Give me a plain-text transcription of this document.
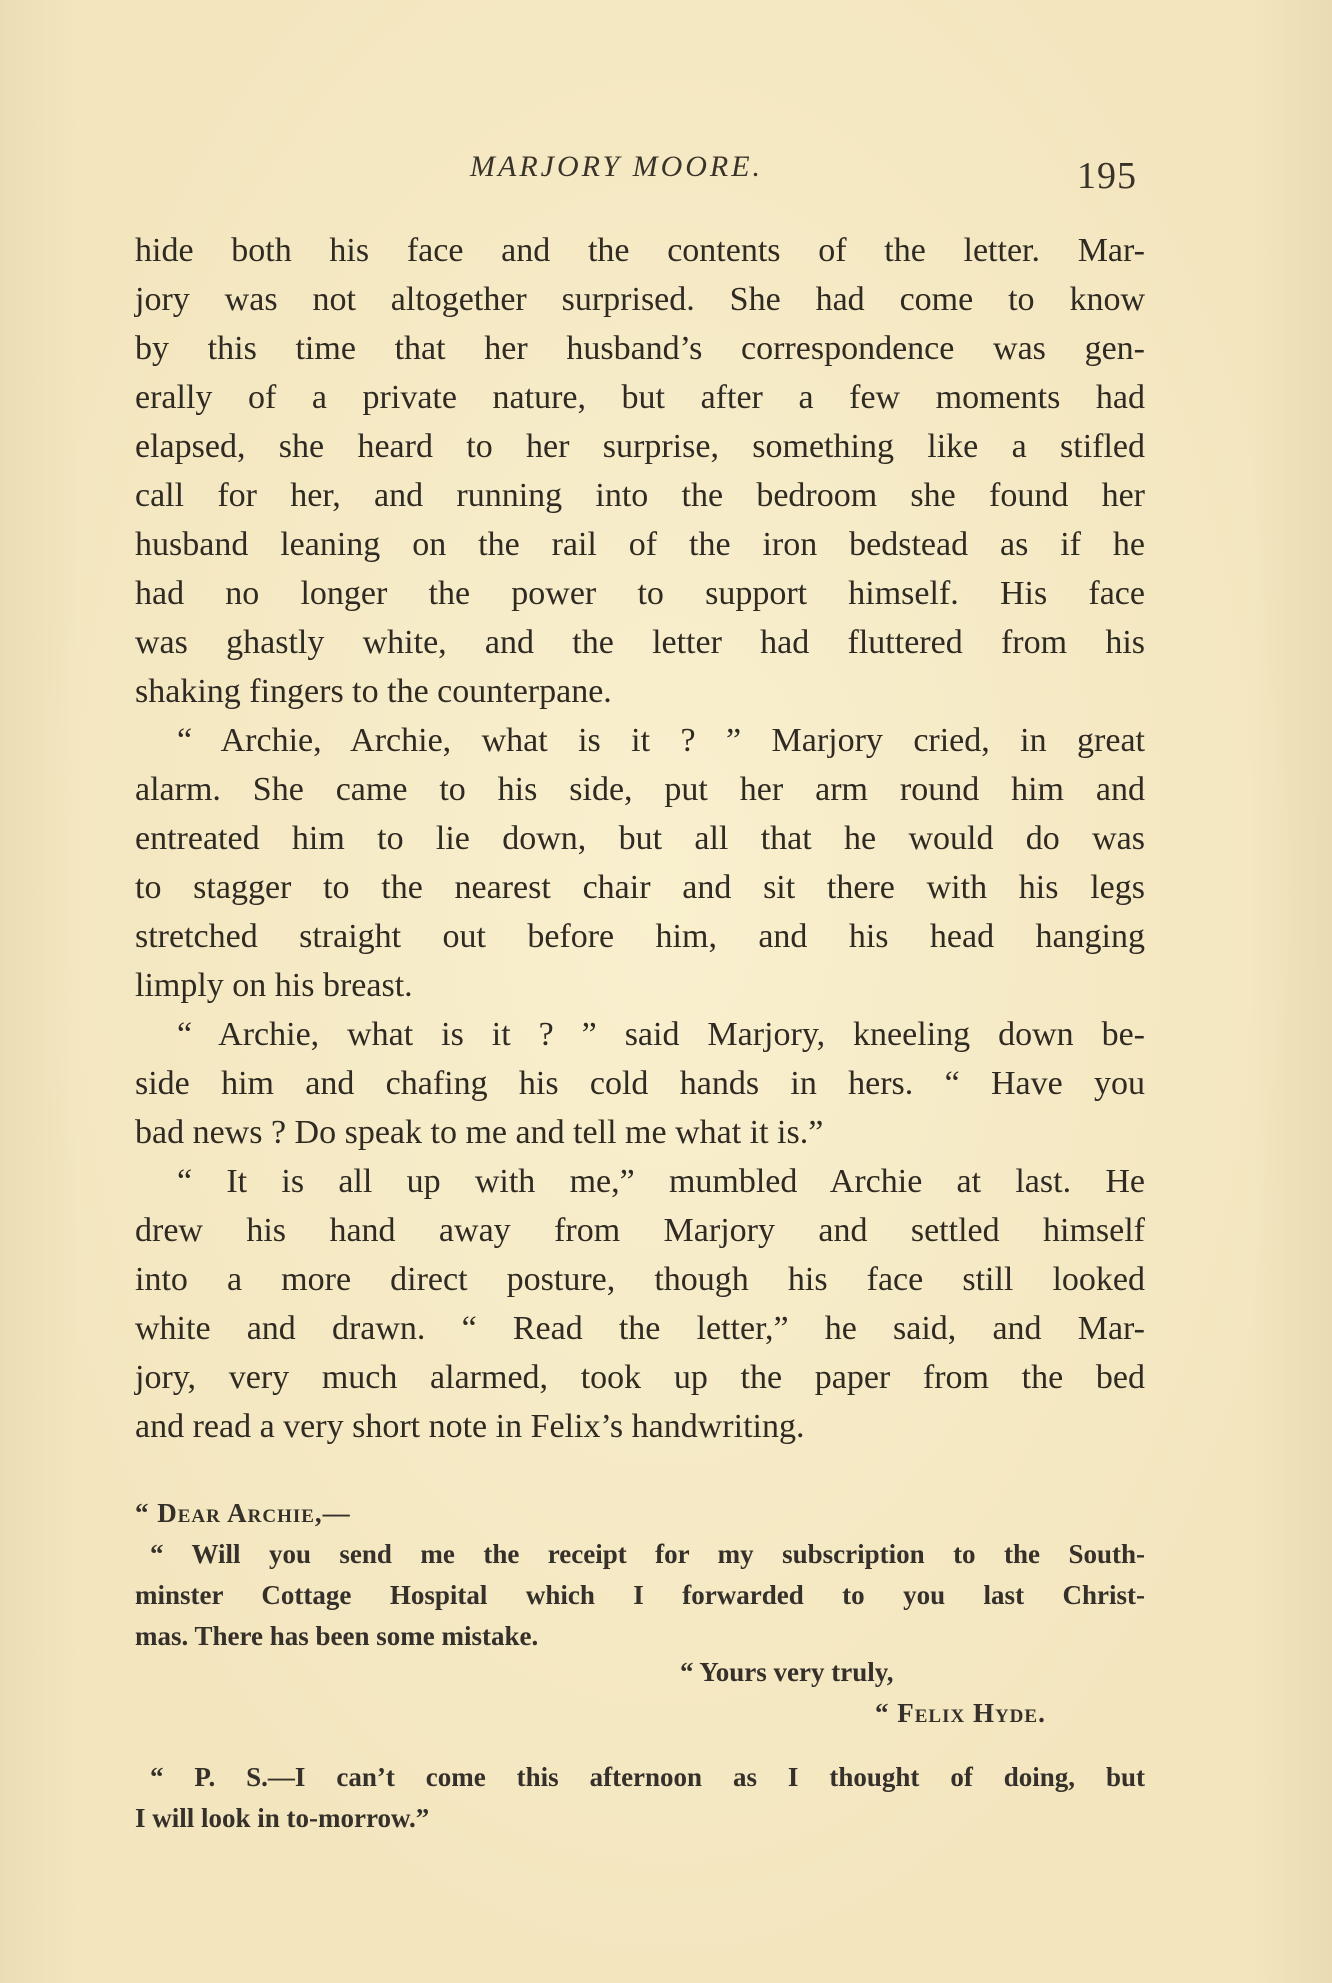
MARJORY MOORE.	195
hide both his face and the contents of the letter. Mar-
jory was not altogether surprised. She had come to know
by this time that her husband’s correspondence was gen-
erally of a private nature, but after a few moments had
elapsed, she heard to her surprise, something like a stifled
call for her, and running into the bedroom she found her
husband leaning on the rail of the iron bedstead as if he
had no longer the power to support himself. His face
was ghastly white, and the letter had fluttered from his
shaking fingers to the counterpane.
“ Archie, Archie, what is it ? ” Marjory cried, in great
alarm. She came to his side, put her arm round him and
entreated him to lie down, but all that he would do was
to stagger to the nearest chair and sit there with his legs
stretched straight out before him, and his head hanging
limply on his breast.
“ Archie, what is it ? ” said Marjory, kneeling down be-
side him and chafing his cold hands in hers. “ Have you
bad news ? Do speak to me and tell me what it is.”
“ It is all up with me,” mumbled Archie at last. He
drew his hand away from Marjory and settled himself
into a more direct posture, though his face still looked
white and drawn. “ Read the letter,” he said, and Mar-
jory, very much alarmed, took up the paper from the bed
and read a very short note in Felix’s handwriting.
“ Dear Archie,—
“ Will you send me the receipt for my subscription to the South-
minster Cottage Hospital which I forwarded to you last Christ-
mas. There has been some mistake.
“ Yours very truly,
“ Felix Hyde.
“ P. S.—I can’t come this afternoon as I thought of doing, but
I will look in to-morrow.”
